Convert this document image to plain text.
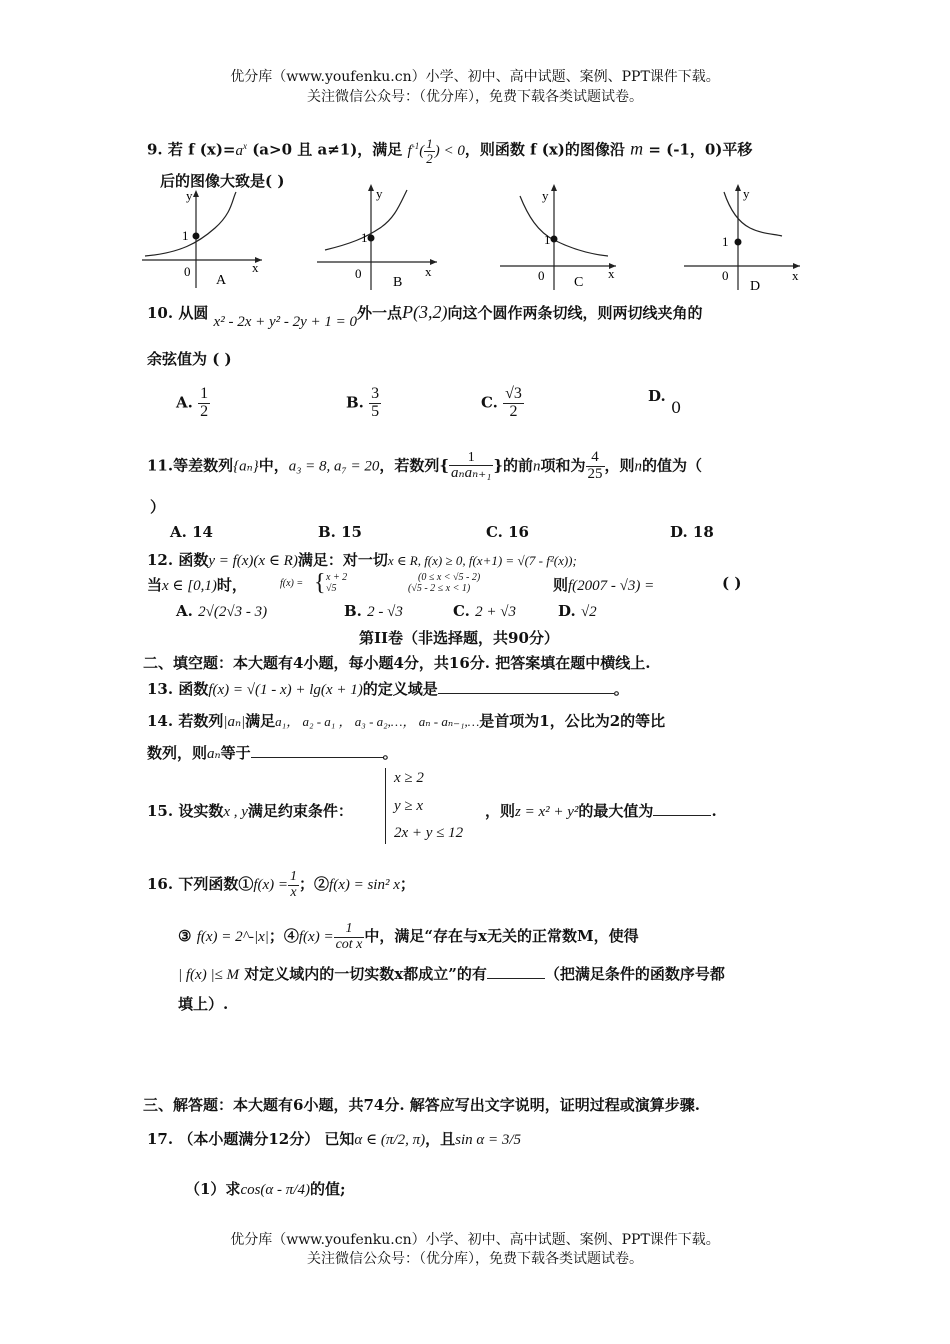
优分库（www.youfenku.cn）小学、初中、高中试题、案例、PPT课件下载。
关注微信公众号：（优分库），免费下载各类试题试卷。
9. 若 f $(x)=a^x$ (a>0 且 a≠1)，满足 $f^{-1}( \frac{1}{2}$ ) < 0，则函数 f (x)的图像沿 m = (-1，0)平移
后的图像大致是( )
y
1
0	x
A
y
1
0	x
B
y
1
0	x
C
y
1
0	x
D
10. 从圆 x² - 2x + y² - 2y + 1 = 0外一点P(3,2)向这个圆作两条切线，则两切线夹角的
余弦值为 ( )
A. $\frac{1}{2}$	B. $\frac{3}{5}$	C. $\frac{√3}{2}$	D. 0
11.等差数列{aₙ}中，a₃ = 8, a₇ = 20，若数列{ $\frac{1}{\text{aₙaₙ₊₁}}$ }的前n项和为 $\frac{4}{25}$ ，则n的值为（
）
A. 14	B. 15	C. 16	D. 18
12. 函数y = f(x)(x ∈ R)满足：对一切x ∈ R, f(x) ≥ 0, f(x+1) = √(7 - f²(x));
当x ∈ [0,1)时，	f(x) = { x + 2
√5
(0 ≤ x < √5 - 2)
(√5 - 2 ≤ x < 1)	则f(2007 - √3) =	( )
A. 2√(2√3 - 3)	B. 2 - √3	C. 2 + √3	D. √2
第II卷（非选择题，共90分）
二、填空题：本大题有4小题，每小题4分，共16分. 把答案填在题中横线上.
13. 函数f(x) = √(1 - x) + lg(x + 1)的定义域是	。
14. 若数列|aₙ|满足a₁， a₂ - a₁ ， a₃ - a₂,…， aₙ - aₙ₋₁,…是首项为1，公比为2的等比
数列，则aₙ等于	。
15. 设实数x , y满足约束条件：
x ≥ 2
y ≥ x
2x + y ≤ 12
，则z = x² + y²的最大值为	.
16. 下列函数①f(x) = $\frac{1}{x}$ ；②f(x) = sin² x；
③ f(x) = 2^-|x|；④f(x) = $\frac{1}{\text{cot x}}$ 中，满足“存在与x无关的正常数M，使得
| f(x) |≤ M 对定义域内的一切实数x都成立”的有	（把满足条件的函数序号都
填上）.
三、解答题：本大题有6小题，共74分. 解答应写出文字说明，证明过程或演算步骤.
17. （本小题满分12分） 已知α ∈ (π/2, π)，且sin α = 3/5
（1）求cos(α - π/4)的值;
优分库（www.youfenku.cn）小学、初中、高中试题、案例、PPT课件下载。
关注微信公众号：（优分库），免费下载各类试题试卷。
